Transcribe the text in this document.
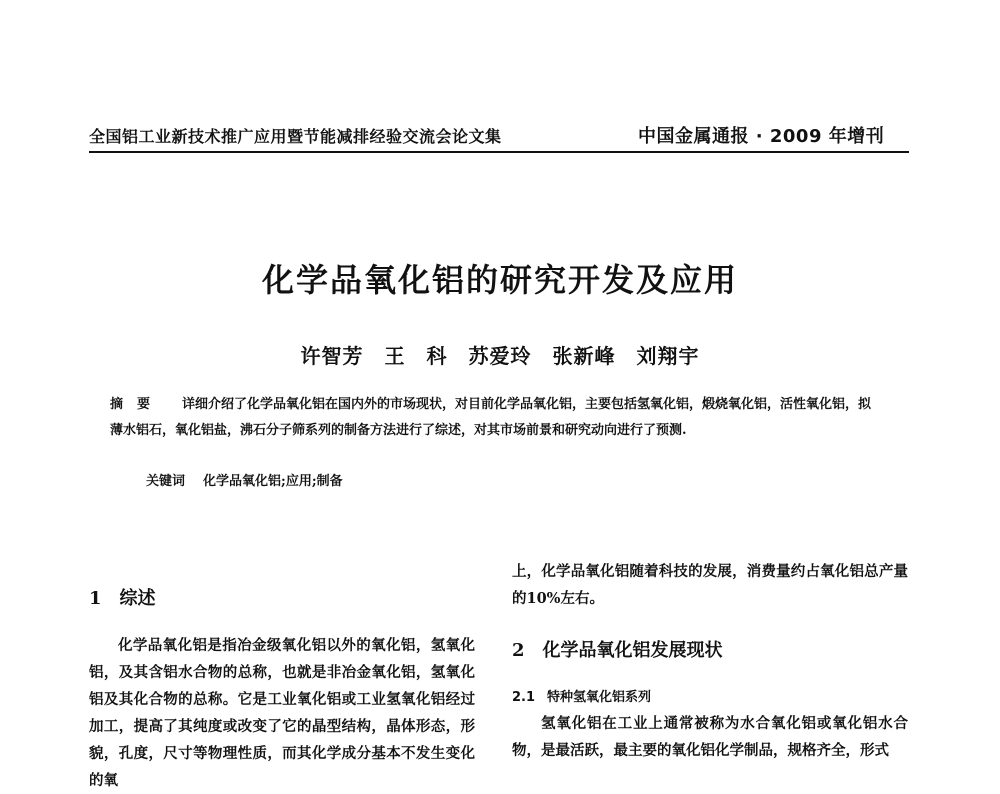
全国铝工业新技术推广应用暨节能减排经验交流会论文集	中国金属通报 · 2009 年增刊
化学品氧化铝的研究开发及应用
许智芳　王　科　苏爱玲　张新峰　刘翔宇
摘要 详细介绍了化学品氧化铝在国内外的市场现状，对目前化学品氧化铝，主要包括氢氧化铝，煅烧氧化铝，活性氧化铝，拟薄水铝石，氧化铝盐，沸石分子筛系列的制备方法进行了综述，对其市场前景和研究动向进行了预测.
关键词 化学品氧化铝;应用;制备
1 综述
化学品氧化铝是指冶金级氧化铝以外的氧化铝，氢氧化铝，及其含铝水合物的总称，也就是非冶金氧化铝，氢氧化铝及其化合物的总称。它是工业氧化铝或工业氢氧化铝经过加工，提高了其纯度或改变了它的晶型结构，晶体形态，形貌，孔度，尺寸等物理性质，而其化学成分基本不发生变化的氧
上，化学品氧化铝随着科技的发展，消费量约占氧化铝总产量的10%左右。
2 化学品氧化铝发展现状
2.1 特种氢氧化铝系列
氢氧化铝在工业上通常被称为水合氧化铝或氧化铝水合物，是最活跃，最主要的氧化铝化学制品，规格齐全，形式
